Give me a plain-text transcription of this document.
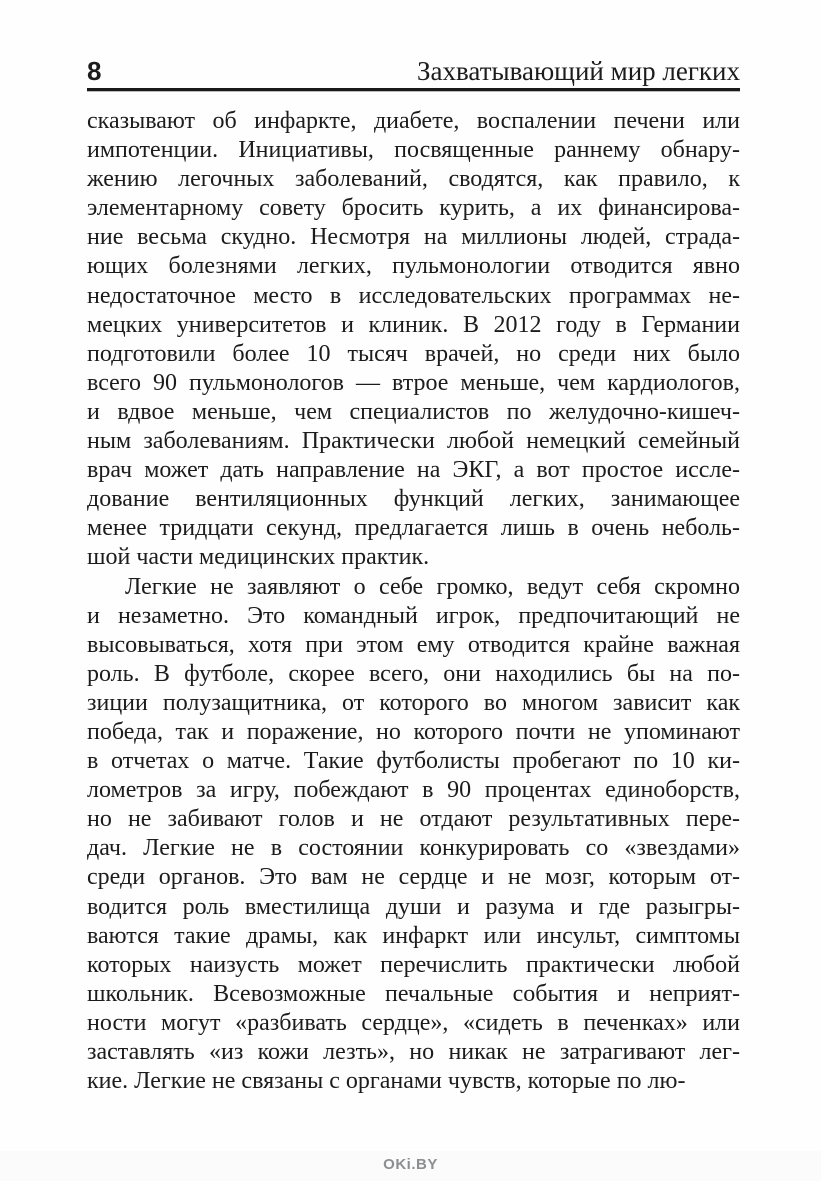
8	Захватывающий мир легких
сказывают об инфаркте, диабете, воспалении печени или
импотенции. Инициативы, посвященные раннему обнару-
жению легочных заболеваний, сводятся, как правило, к
элементарному совету бросить курить, а их финансирова-
ние весьма скудно. Несмотря на миллионы людей, страда-
ющих болезнями легких, пульмонологии отводится явно
недостаточное место в исследовательских программах не-
мецких университетов и клиник. В 2012 году в Германии
подготовили более 10 тысяч врачей, но среди них было
всего 90 пульмонологов — втрое меньше, чем кардиологов,
и вдвое меньше, чем специалистов по желудочно-кишеч-
ным заболеваниям. Практически любой немецкий семейный
врач может дать направление на ЭКГ, а вот простое иссле-
дование вентиляционных функций легких, занимающее
менее тридцати секунд, предлагается лишь в очень неболь-
шой части медицинских практик.
Легкие не заявляют о себе громко, ведут себя скромно
и незаметно. Это командный игрок, предпочитающий не
высовываться, хотя при этом ему отводится крайне важная
роль. В футболе, скорее всего, они находились бы на по-
зиции полузащитника, от которого во многом зависит как
победа, так и поражение, но которого почти не упоминают
в отчетах о матче. Такие футболисты пробегают по 10 ки-
лометров за игру, побеждают в 90 процентах единоборств,
но не забивают голов и не отдают результативных пере-
дач. Легкие не в состоянии конкурировать со «звездами»
среди органов. Это вам не сердце и не мозг, которым от-
водится роль вместилища души и разума и где разыгры-
ваются такие драмы, как инфаркт или инсульт, симптомы
которых наизусть может перечислить практически любой
школьник. Всевозможные печальные события и неприят-
ности могут «разбивать сердце», «сидеть в печенках» или
заставлять «из кожи лезть», но никак не затрагивают лег-
кие. Легкие не связаны с органами чувств, которые по лю-
OKi.BY
